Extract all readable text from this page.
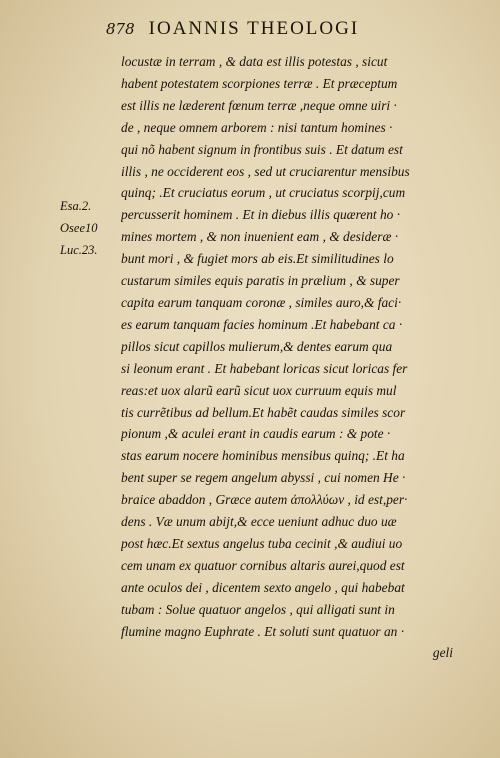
878 IOANNIS THEOLOGI
Esa.2.
Osee10
Luc.23.
locustæ in terram , & data est illis potestas , sicut
habent potestatem scorpiones terræ . Et præceptum
est illis ne læderent fœnum terræ ,neque omne uiri ·
de , neque omnem arborem : nisi tantum homines ·
qui nõ habent signum in frontibus suis . Et datum est
illis , ne occiderent eos , sed ut cruciarentur mensibus
quinq; .Et cruciatus eorum , ut cruciatus scorpij,cum
percusserit hominem . Et in diebus illis quærent ho ·
mines mortem , & non inuenient eam , & desideræ ·
bunt mori , & fugiet mors ab eis.Et similitudines lo
custarum similes equis paratis in prælium , & super
capita earum tanquam coronæ , similes auro,& faci·
es earum tanquam facies hominum .Et habebant ca ·
pillos sicut capillos mulierum,& dentes earum qua
si leonum erant . Et habebant loricas sicut loricas fer
reas:et uox alarũ earũ sicut uox curruum equis mul
tis currẽtibus ad bellum.Et habẽt caudas similes scor
pionum ,& aculei erant in caudis earum : & pote ·
stas earum nocere hominibus mensibus quinq; .Et ha
bent super se regem angelum abyssi , cui nomen He ·
braice abaddon , Græce autem ἀπολλύων , id est,per·
dens . Væ unum abijt,& ecce ueniunt adhuc duo uæ
post hæc.Et sextus angelus tuba cecinit ,& audiui uo
cem unam ex quatuor cornibus altaris aurei,quod est
ante oculos dei , dicentem sexto angelo , qui habebat
tubam : Solue quatuor angelos , qui alligati sunt in
flumine magno Euphrate . Et soluti sunt quatuor an ·
geli
